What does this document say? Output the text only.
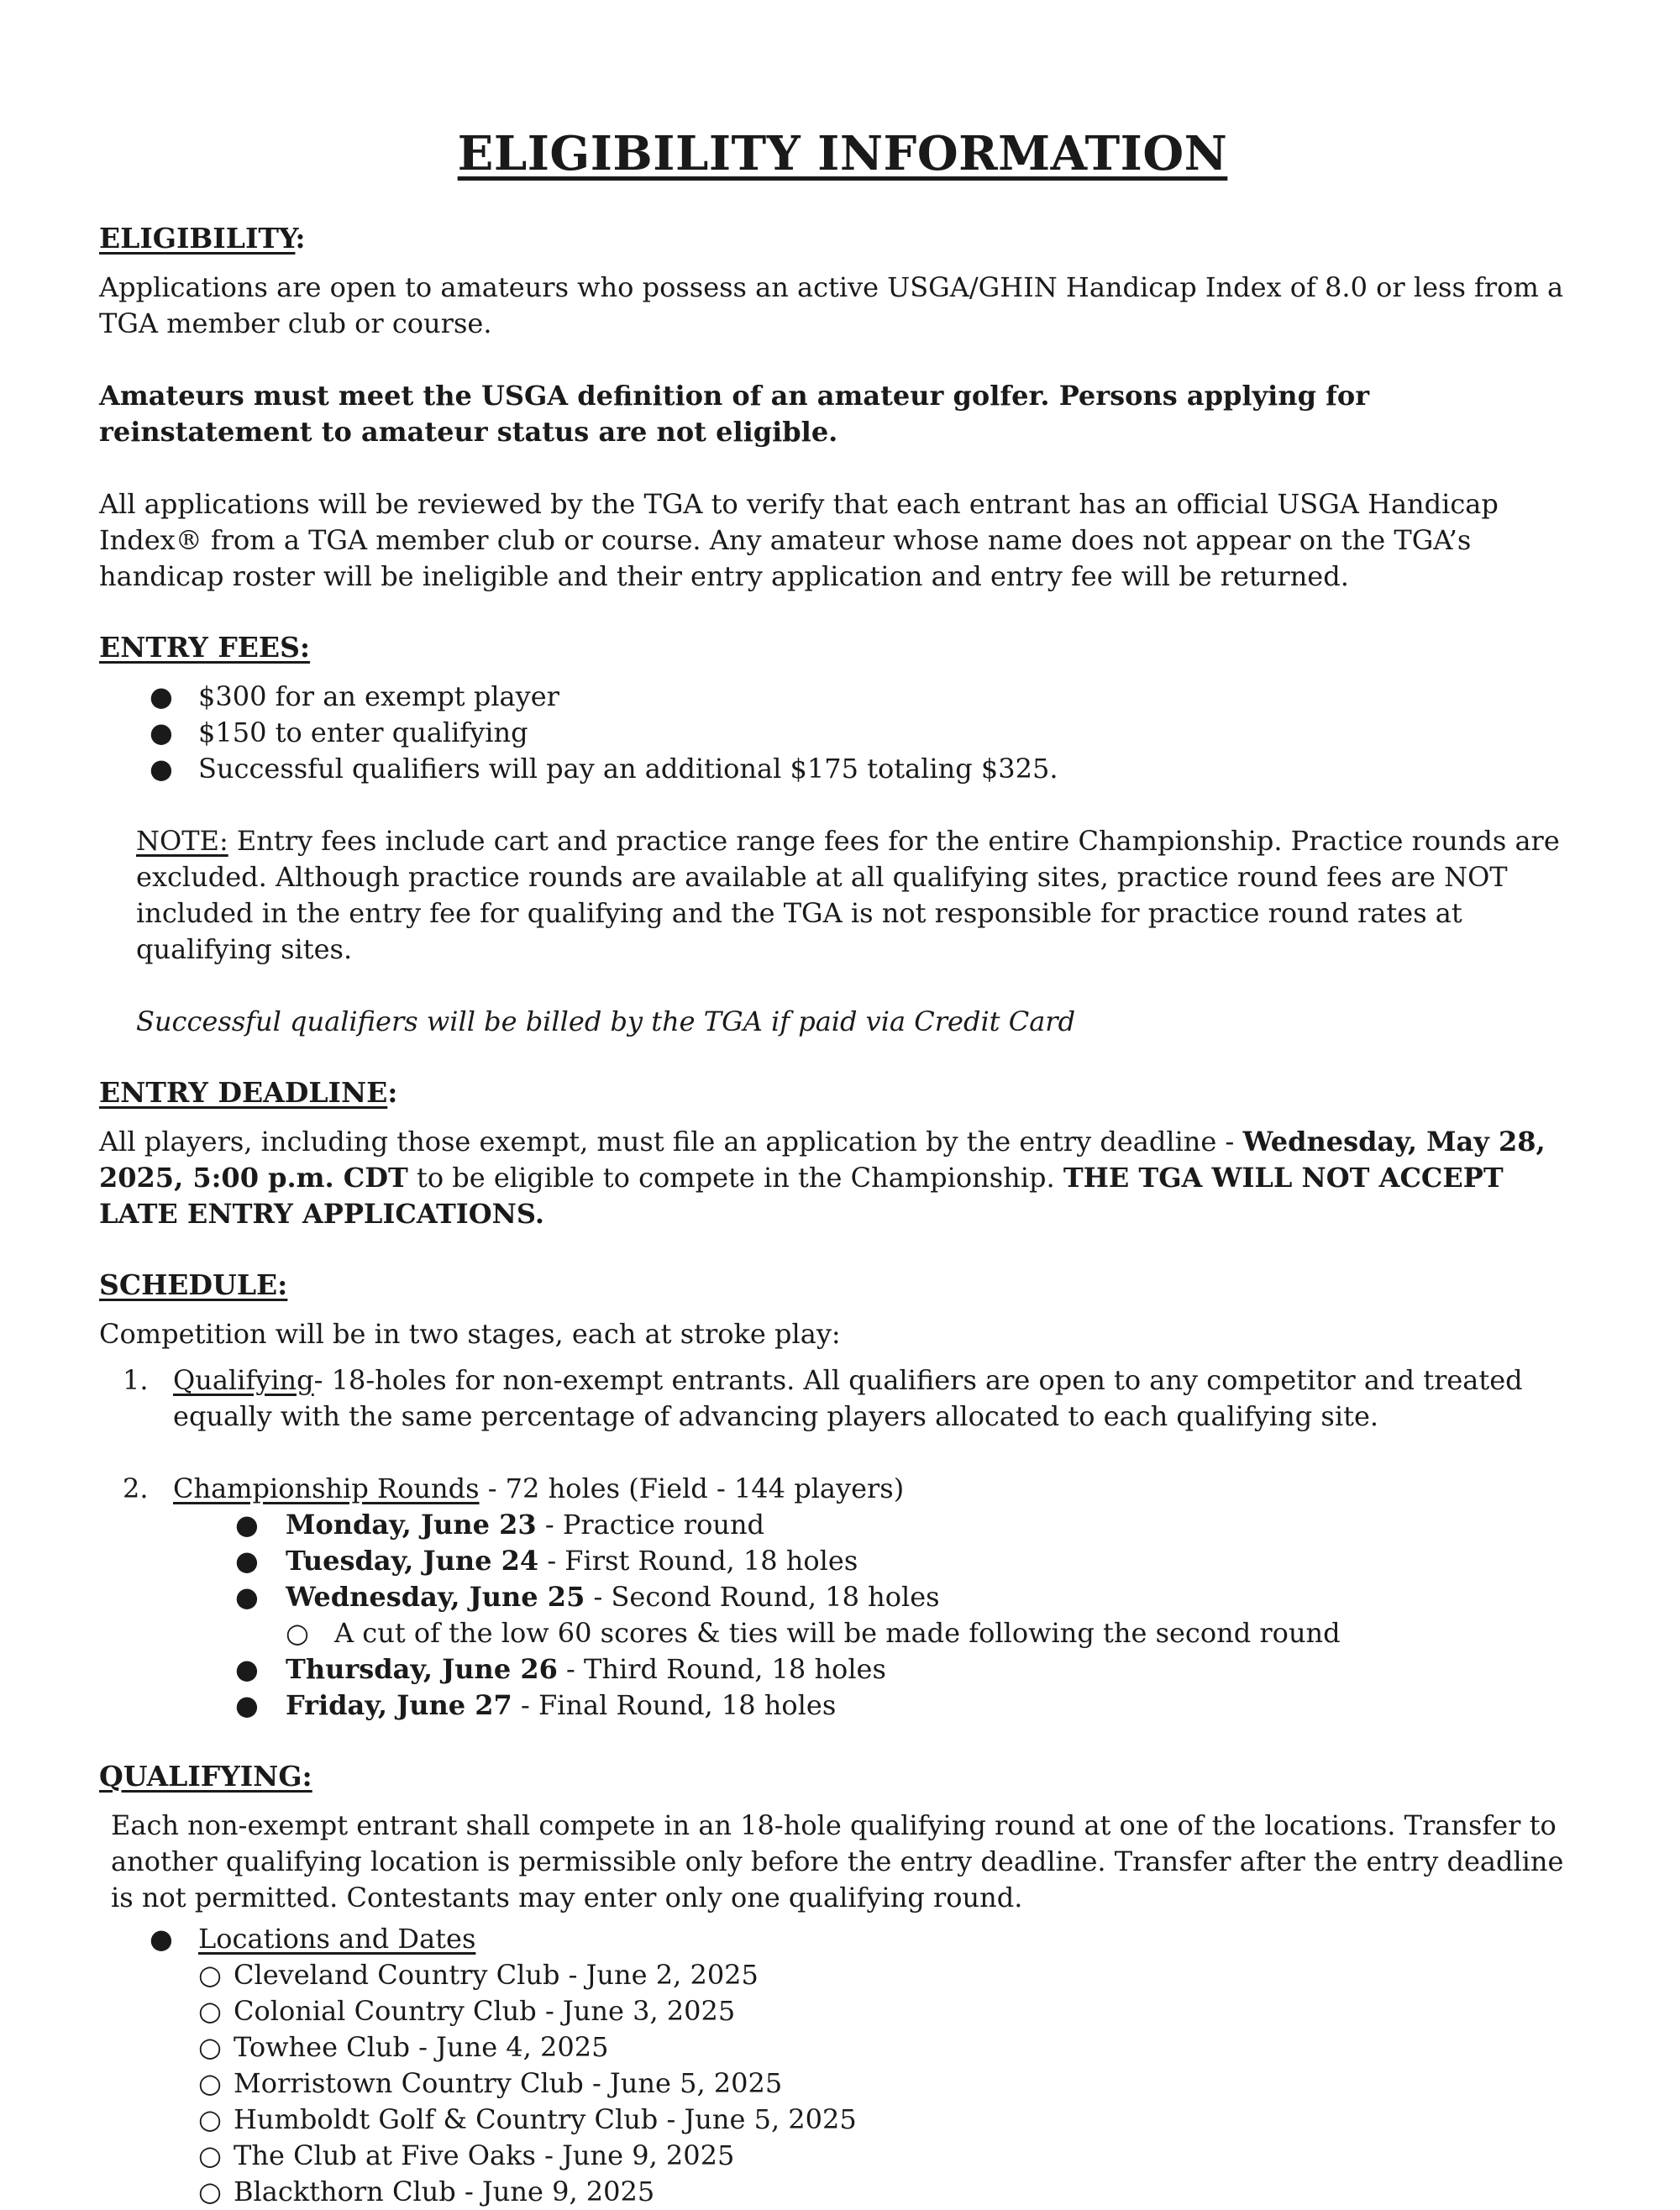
ELIGIBILITY INFORMATION
ELIGIBILITY:

Applications are open to amateurs who possess an active USGA/GHIN Handicap Index of 8.0 or less from a TGA member club or course.

Amateurs must meet the USGA definition of an amateur golfer. Persons applying for reinstatement to amateur status are not eligible.

All applications will be reviewed by the TGA to verify that each entrant has an official USGA Handicap Index® from a TGA member club or course. Any amateur whose name does not appear on the TGA’s handicap roster will be ineligible and their entry application and entry fee will be returned.

ENTRY FEES:
● $300 for an exempt player
● $150 to enter qualifying
● Successful qualifiers will pay an additional $175 totaling $325.

NOTE: Entry fees include cart and practice range fees for the entire Championship. Practice rounds are excluded. Although practice rounds are available at all qualifying sites, practice round fees are NOT included in the entry fee for qualifying and the TGA is not responsible for practice round rates at qualifying sites.

Successful qualifiers will be billed by the TGA if paid via Credit Card

ENTRY DEADLINE:

All players, including those exempt, must file an application by the entry deadline - Wednesday, May 28, 2025, 5:00 p.m. CDT to be eligible to compete in the Championship. THE TGA WILL NOT ACCEPT LATE ENTRY APPLICATIONS.

SCHEDULE:

Competition will be in two stages, each at stroke play:

1. Qualifying- 18-holes for non-exempt entrants. All qualifiers are open to any competitor and treated equally with the same percentage of advancing players allocated to each qualifying site.
2. Championship Rounds - 72 holes (Field - 144 players)
● Monday, June 23 - Practice round
● Tuesday, June 24 - First Round, 18 holes
● Wednesday, June 25 - Second Round, 18 holes
○ A cut of the low 60 scores & ties will be made following the second round
● Thursday, June 26 - Third Round, 18 holes
● Friday, June 27 - Final Round, 18 holes
QUALIFYING:

Each non-exempt entrant shall compete in an 18-hole qualifying round at one of the locations. Transfer to another qualifying location is permissible only before the entry deadline. Transfer after the entry deadline is not permitted. Contestants may enter only one qualifying round.

● Locations and Dates
○ Cleveland Country Club - June 2, 2025
○ Colonial Country Club - June 3, 2025
○ Towhee Club - June 4, 2025
○ Morristown Country Club - June 5, 2025
○ Humboldt Golf & Country Club - June 5, 2025
○ The Club at Five Oaks - June 9, 2025
○ Blackthorn Club - June 9, 2025
